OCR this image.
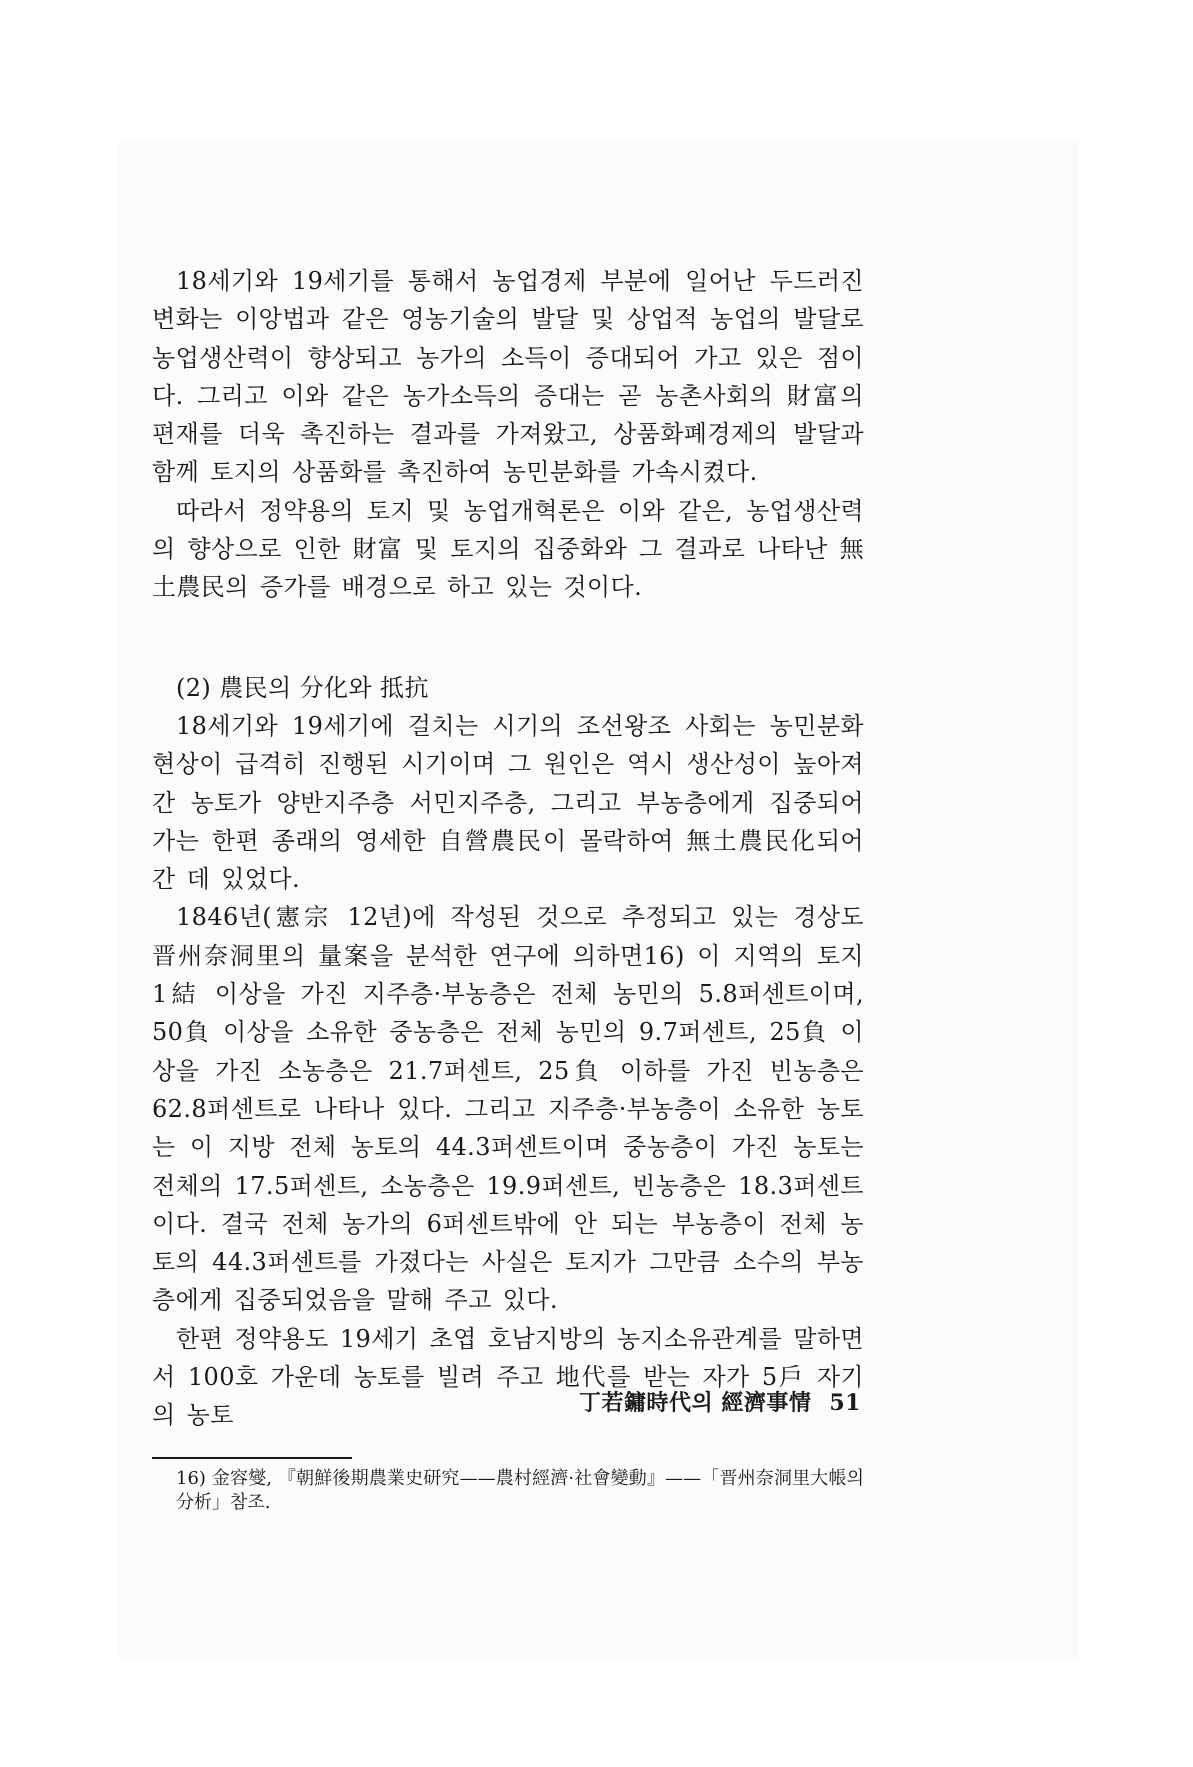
18세기와 19세기를 통해서 농업경제 부분에 일어난 두드러진 변화는 이앙법과 같은 영농기술의 발달 및 상업적 농업의 발달로 농업생산력이 향상되고 농가의 소득이 증대되어 가고 있은 점이다. 그리고 이와 같은 농가소득의 증대는 곧 농촌사회의 財富의 편재를 더욱 촉진하는 결과를 가져왔고, 상품화폐경제의 발달과 함께 토지의 상품화를 촉진하여 농민분화를 가속시켰다.

따라서 정약용의 토지 및 농업개혁론은 이와 같은, 농업생산력의 향상으로 인한 財富 및 토지의 집중화와 그 결과로 나타난 無土農民의 증가를 배경으로 하고 있는 것이다.

(2) 農民의 分化와 抵抗

18세기와 19세기에 걸치는 시기의 조선왕조 사회는 농민분화 현상이 급격히 진행된 시기이며 그 원인은 역시 생산성이 높아져 간 농토가 양반지주층 서민지주층, 그리고 부농층에게 집중되어 가는 한편 종래의 영세한 自營農民이 몰락하여 無土農民化되어 간 데 있었다.

1846년(憲宗 12년)에 작성된 것으로 추정되고 있는 경상도 晋州奈洞里의 量案을 분석한 연구에 의하면16) 이 지역의 토지 1結 이상을 가진 지주층·부농층은 전체 농민의 5.8퍼센트이며, 50負 이상을 소유한 중농층은 전체 농민의 9.7퍼센트, 25負 이상을 가진 소농층은 21.7퍼센트, 25負 이하를 가진 빈농층은 62.8퍼센트로 나타나 있다. 그리고 지주층·부농층이 소유한 농토는 이 지방 전체 농토의 44.3퍼센트이며 중농층이 가진 농토는 전체의 17.5퍼센트, 소농층은 19.9퍼센트, 빈농층은 18.3퍼센트이다. 결국 전체 농가의 6퍼센트밖에 안 되는 부농층이 전체 농토의 44.3퍼센트를 가졌다는 사실은 토지가 그만큼 소수의 부농층에게 집중되었음을 말해 주고 있다.

한편 정약용도 19세기 초엽 호남지방의 농지소유관계를 말하면서 100호 가운데 농토를 빌려 주고 地代를 받는 자가 5戶 자기의 농토

16) 金容燮, 『朝鮮後期農業史研究——農村經濟·社會變動』——「晋州奈洞里大帳의 分析」참조.

丁若鏞時代의 經濟事情 51
